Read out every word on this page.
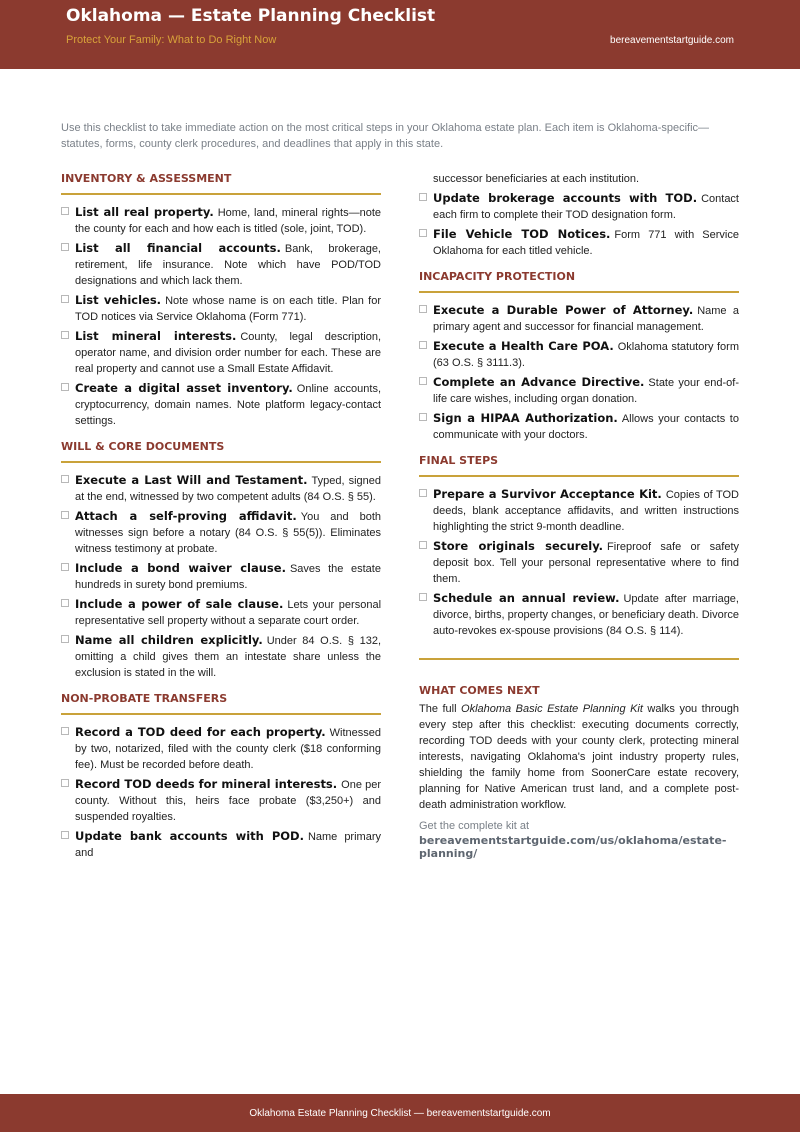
Oklahoma — Estate Planning Checklist
Protect Your Family: What to Do Right Now	bereavementstartguide.com
Use this checklist to take immediate action on the most critical steps in your Oklahoma estate plan. Each item is Oklahoma-specific—statutes, forms, county clerk procedures, and deadlines that apply in this state.
INVENTORY & ASSESSMENT
List all real property. Home, land, mineral rights—note the county for each and how each is titled (sole, joint, TOD).
List all financial accounts. Bank, brokerage, retirement, life insurance. Note which have POD/TOD designations and which lack them.
List vehicles. Note whose name is on each title. Plan for TOD notices via Service Oklahoma (Form 771).
List mineral interests. County, legal description, operator name, and division order number for each. These are real property and cannot use a Small Estate Affidavit.
Create a digital asset inventory. Online accounts, cryptocurrency, domain names. Note platform legacy-contact settings.
WILL & CORE DOCUMENTS
Execute a Last Will and Testament. Typed, signed at the end, witnessed by two competent adults (84 O.S. § 55).
Attach a self-proving affidavit. You and both witnesses sign before a notary (84 O.S. § 55(5)). Eliminates witness testimony at probate.
Include a bond waiver clause. Saves the estate hundreds in surety bond premiums.
Include a power of sale clause. Lets your personal representative sell property without a separate court order.
Name all children explicitly. Under 84 O.S. § 132, omitting a child gives them an intestate share unless the exclusion is stated in the will.
NON-PROBATE TRANSFERS
Record a TOD deed for each property. Witnessed by two, notarized, filed with the county clerk ($18 conforming fee). Must be recorded before death.
Record TOD deeds for mineral interests. One per county. Without this, heirs face probate ($3,250+) and suspended royalties.
Update bank accounts with POD. Name primary and
successor beneficiaries at each institution.
Update brokerage accounts with TOD. Contact each firm to complete their TOD designation form.
File Vehicle TOD Notices. Form 771 with Service Oklahoma for each titled vehicle.
INCAPACITY PROTECTION
Execute a Durable Power of Attorney. Name a primary agent and successor for financial management.
Execute a Health Care POA. Oklahoma statutory form (63 O.S. § 3111.3).
Complete an Advance Directive. State your end-of-life care wishes, including organ donation.
Sign a HIPAA Authorization. Allows your contacts to communicate with your doctors.
FINAL STEPS
Prepare a Survivor Acceptance Kit. Copies of TOD deeds, blank acceptance affidavits, and written instructions highlighting the strict 9-month deadline.
Store originals securely. Fireproof safe or safety deposit box. Tell your personal representative where to find them.
Schedule an annual review. Update after marriage, divorce, births, property changes, or beneficiary death. Divorce auto-revokes ex-spouse provisions (84 O.S. § 114).
WHAT COMES NEXT
The full Oklahoma Basic Estate Planning Kit walks you through every step after this checklist: executing documents correctly, recording TOD deeds with your county clerk, protecting mineral interests, navigating Oklahoma's joint industry property rules, shielding the family home from SoonerCare estate recovery, planning for Native American trust land, and a complete post-death administration workflow.
Get the complete kit at
bereavementstartguide.com/us/oklahoma/estate-planning/
Oklahoma Estate Planning Checklist — bereavementstartguide.com
